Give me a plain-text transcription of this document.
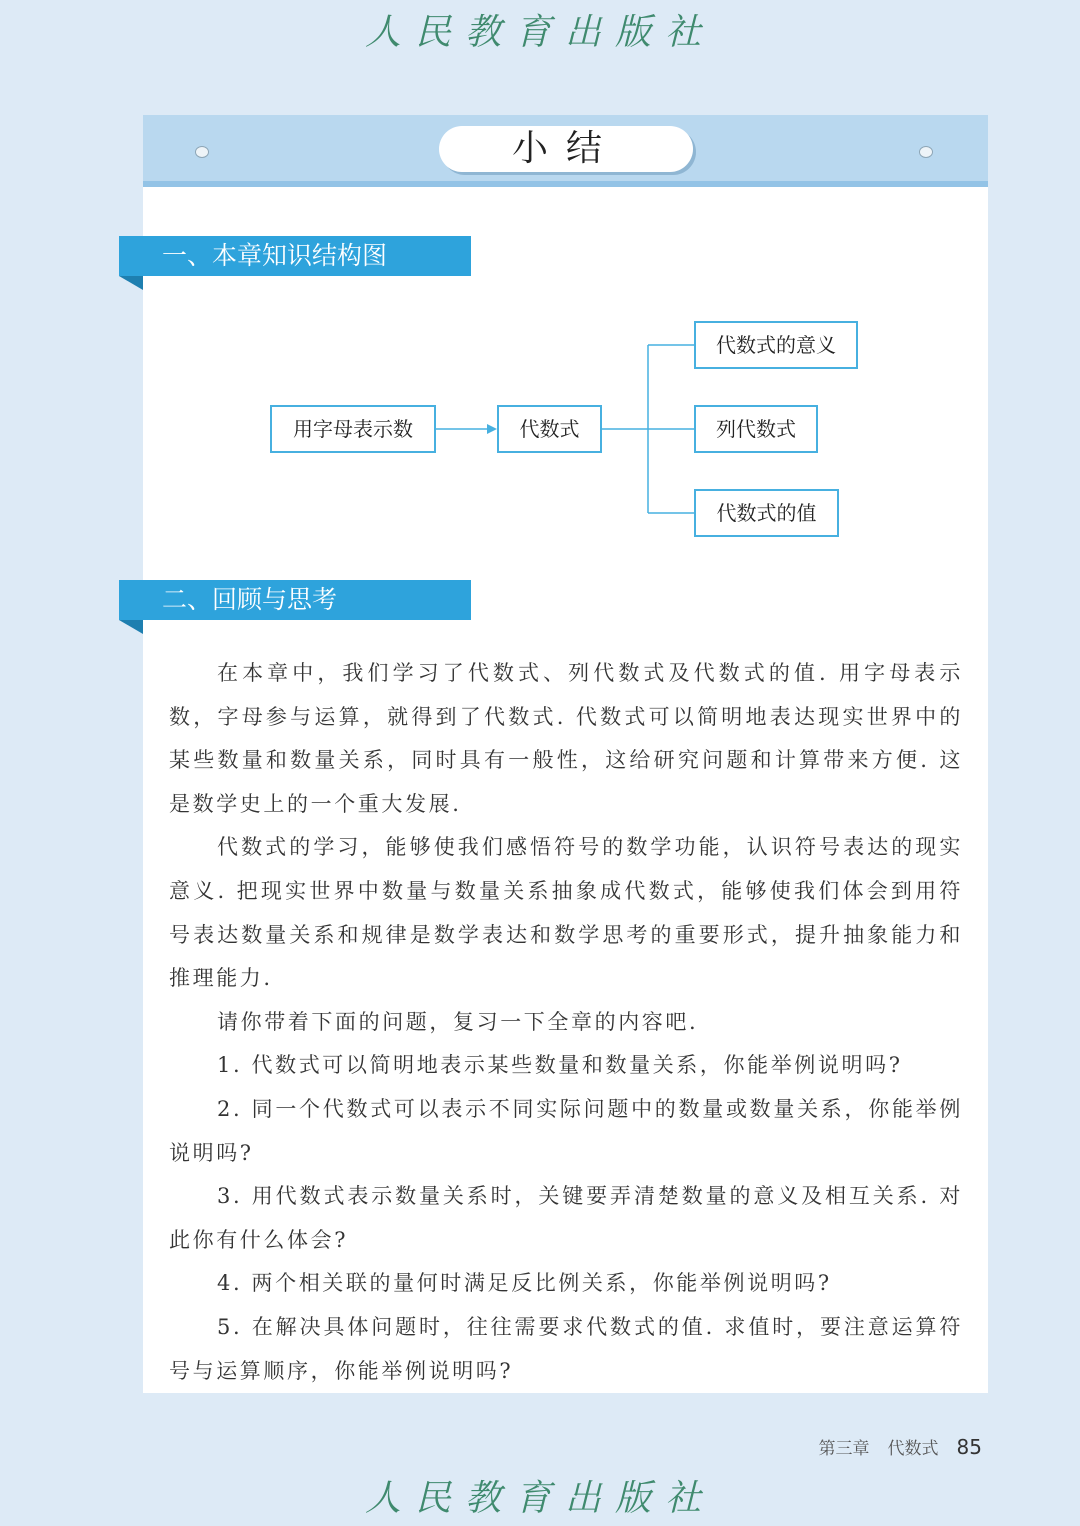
人民教育出版社
小结
一、本章知识结构图
用字母表示数	代数式
代数式的意义
列代数式
代数式的值
二、回顾与思考

在本章中，我们学习了代数式、列代数式及代数式的值. 用字母表示数，字母参与运算，就得到了代数式. 代数式可以简明地表达现实世界中的某些数量和数量关系，同时具有一般性，这给研究问题和计算带来方便. 这是数学史上的一个重大发展.

代数式的学习，能够使我们感悟符号的数学功能，认识符号表达的现实意义. 把现实世界中数量与数量关系抽象成代数式，能够使我们体会到用符号表达数量关系和规律是数学表达和数学思考的重要形式，提升抽象能力和推理能力.

请你带着下面的问题，复习一下全章的内容吧.

1. 代数式可以简明地表示某些数量和数量关系，你能举例说明吗?

2. 同一个代数式可以表示不同实际问题中的数量或数量关系，你能举例说明吗?

3. 用代数式表示数量关系时，关键要弄清楚数量的意义及相互关系. 对此你有什么体会?

4. 两个相关联的量何时满足反比例关系，你能举例说明吗?

5. 在解决具体问题时，往往需要求代数式的值. 求值时，要注意运算符号与运算顺序，你能举例说明吗?

第三章 代数式 85
人民教育出版社
